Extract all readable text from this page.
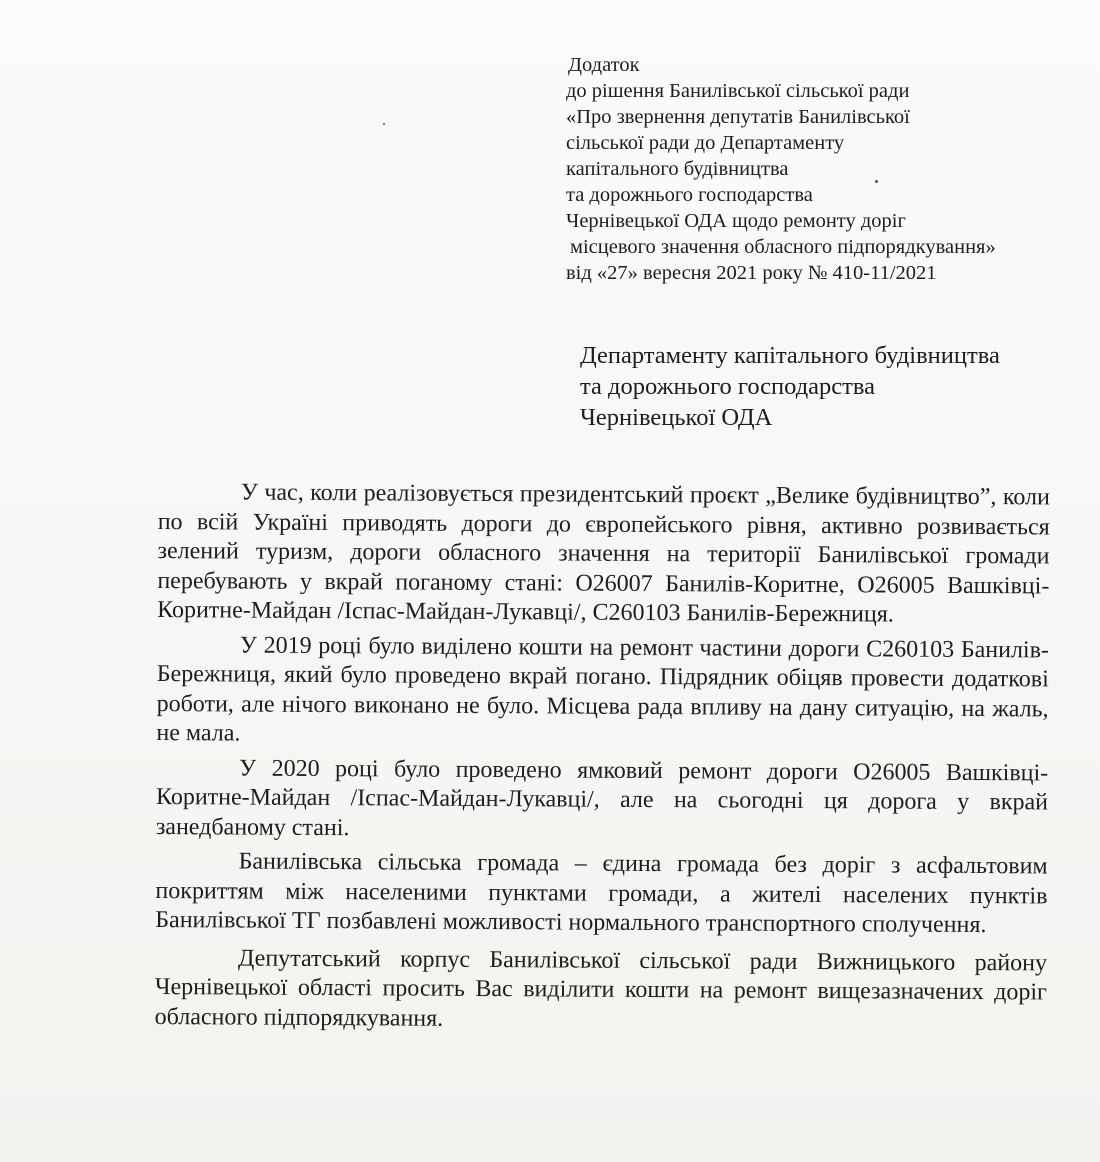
Додаток
до рішення Банилівської сільської ради
«Про звернення депутатів Банилівської
сільської ради до Департаменту
капітального будівництва
та дорожнього господарства
Чернівецької ОДА щодо ремонту доріг
місцевого значення обласного підпорядкування»
від «27» вересня 2021 року № 410-11/2021
Департаменту капітального будівництва
та дорожнього господарства
Чернівецької ОДА

У час, коли реалізовується президентський проєкт „Велике будівництво”, коли по всій Україні приводять дороги до європейського рівня, активно розвивається зелений туризм, дороги обласного значення на території Банилівської громади перебувають у вкрай поганому стані: О26007 Банилів-Коритне, О26005 Вашківці-Коритне-Майдан /Іспас-Майдан-Лукавці/, С260103 Банилів-Бережниця.

У 2019 році було виділено кошти на ремонт частини дороги С260103 Банилів-Бережниця, який було проведено вкрай погано. Підрядник обіцяв провести додаткові роботи, але нічого виконано не було. Місцева рада впливу на дану ситуацію, на жаль, не мала.

У 2020 році було проведено ямковий ремонт дороги О26005 Вашківці-Коритне-Майдан /Іспас-Майдан-Лукавці/, але на сьогодні ця дорога у вкрай занедбаному стані.

Банилівська сільська громада – єдина громада без доріг з асфальтовим покриттям між населеними пунктами громади, а жителі населених пунктів Банилівської ТГ позбавлені можливості нормального транспортного сполучення.

Депутатський корпус Банилівської сільської ради Вижницького району Чернівецької області просить Вас виділити кошти на ремонт вищезазначених доріг обласного підпорядкування.
